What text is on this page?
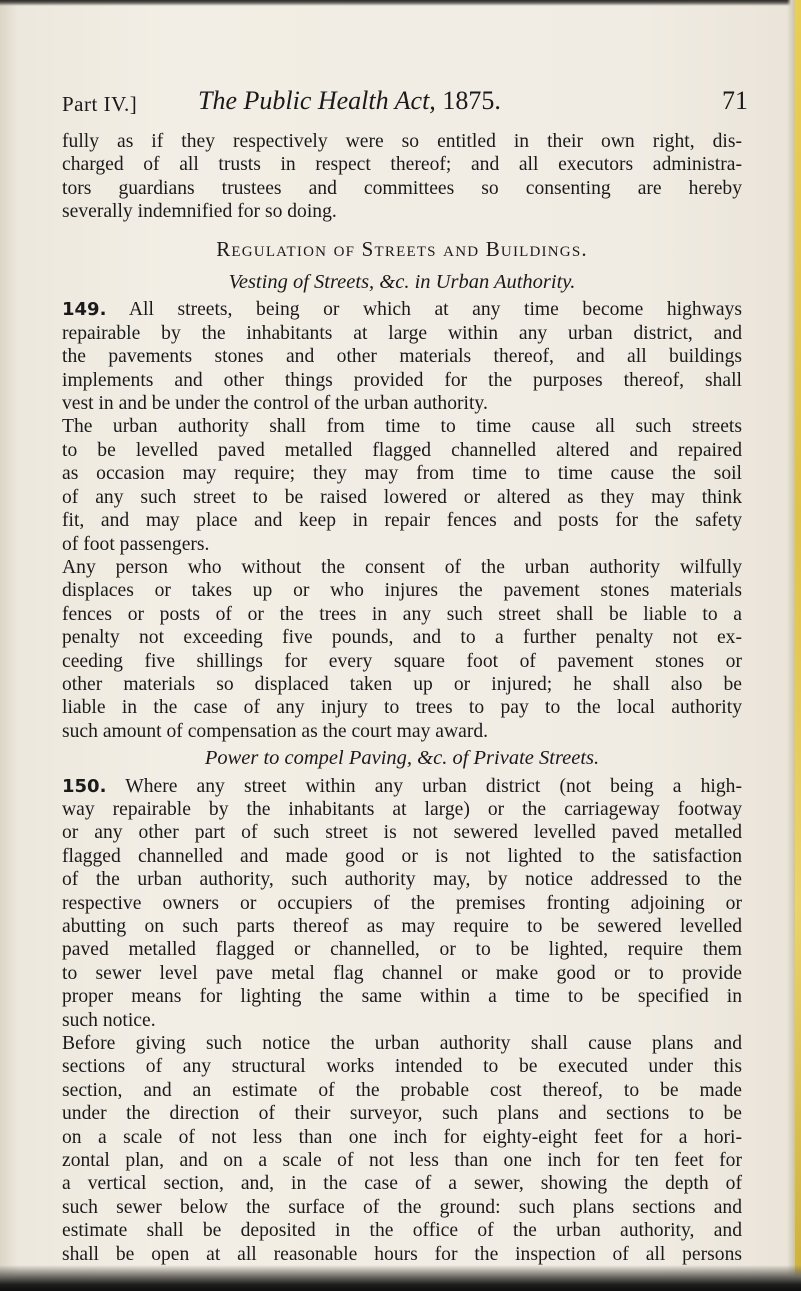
Part IV.] The Public Health Act, 1875.	71

fully as if they respectively were so entitled in their own right, dis-
charged of all trusts in respect thereof; and all executors administra-
tors guardians trustees and committees so consenting are hereby
severally indemnified for so doing.

Regulation of Streets and Buildings.
Vesting of Streets, &c. in Urban Authority.

149. All streets, being or which at any time become highways
repairable by the inhabitants at large within any urban district, and
the pavements stones and other materials thereof, and all buildings
implements and other things provided for the purposes thereof, shall
vest in and be under the control of the urban authority.

The urban authority shall from time to time cause all such streets
to be levelled paved metalled flagged channelled altered and repaired
as occasion may require; they may from time to time cause the soil
of any such street to be raised lowered or altered as they may think
fit, and may place and keep in repair fences and posts for the safety
of foot passengers.

Any person who without the consent of the urban authority wilfully
displaces or takes up or who injures the pavement stones materials
fences or posts of or the trees in any such street shall be liable to a
penalty not exceeding five pounds, and to a further penalty not ex-
ceeding five shillings for every square foot of pavement stones or
other materials so displaced taken up or injured; he shall also be
liable in the case of any injury to trees to pay to the local authority
such amount of compensation as the court may award.

Power to compel Paving, &c. of Private Streets.

150. Where any street within any urban district (not being a high-
way repairable by the inhabitants at large) or the carriageway footway
or any other part of such street is not sewered levelled paved metalled
flagged channelled and made good or is not lighted to the satisfaction
of the urban authority, such authority may, by notice addressed to the
respective owners or occupiers of the premises fronting adjoining or
abutting on such parts thereof as may require to be sewered levelled
paved metalled flagged or channelled, or to be lighted, require them
to sewer level pave metal flag channel or make good or to provide
proper means for lighting the same within a time to be specified in
such notice.

Before giving such notice the urban authority shall cause plans and
sections of any structural works intended to be executed under this
section, and an estimate of the probable cost thereof, to be made
under the direction of their surveyor, such plans and sections to be
on a scale of not less than one inch for eighty-eight feet for a hori-
zontal plan, and on a scale of not less than one inch for ten feet for
a vertical section, and, in the case of a sewer, showing the depth of
such sewer below the surface of the ground: such plans sections and
estimate shall be deposited in the office of the urban authority, and
shall be open at all reasonable hours for the inspection of all persons
